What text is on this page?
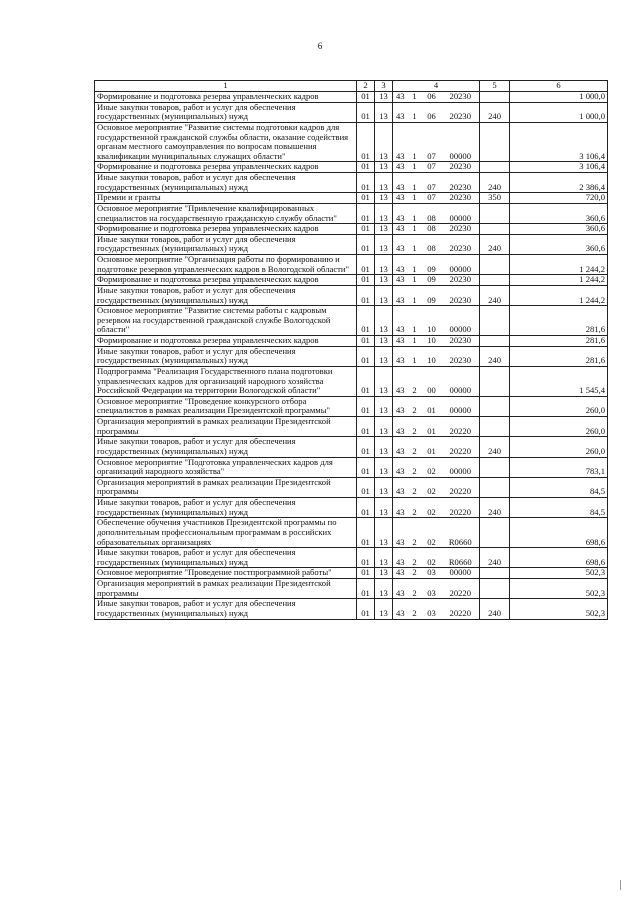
6
1	2	3	4				5	6
Формирование и подготовка резерва управленческих кадров	01	13	43	1	06	20230		1 000,0
Иные закупки товаров, работ и услуг для обеспечения государственных (муниципальных) нужд	01	13	43	1	06	20230	240	1 000,0
Основное мероприятие "Развитие системы подготовки кадров для государственной гражданской службы области, оказание содействия органам местного самоуправления по вопросам повышения квалификации муниципальных служащих области"	01	13	43	1	07	00000		3 106,4
Формирование и подготовка резерва управленческих кадров	01	13	43	1	07	20230		3 106,4
Иные закупки товаров, работ и услуг для обеспечения государственных (муниципальных) нужд	01	13	43	1	07	20230	240	2 386,4
Премии и гранты	01	13	43	1	07	20230	350	720,0
Основное мероприятие "Привлечение квалифицированных специалистов на государственную гражданскую службу области"	01	13	43	1	08	00000		360,6
Формирование и подготовка резерва управленческих кадров	01	13	43	1	08	20230		360,6
Иные закупки товаров, работ и услуг для обеспечения государственных (муниципальных) нужд	01	13	43	1	08	20230	240	360,6
Основное мероприятие "Организация работы по формированию и подготовке резервов управленческих кадров в Вологодской области"	01	13	43	1	09	00000		1 244,2
Формирование и подготовка резерва управленческих кадров	01	13	43	1	09	20230		1 244,2
Иные закупки товаров, работ и услуг для обеспечения государственных (муниципальных) нужд	01	13	43	1	09	20230	240	1 244,2
Основное мероприятие "Развитие системы работы с кадровым резервом на государственной гражданской службе Вологодской области"	01	13	43	1	10	00000		281,6
Формирование и подготовка резерва управленческих кадров	01	13	43	1	10	20230		281,6
Иные закупки товаров, работ и услуг для обеспечения государственных (муниципальных) нужд	01	13	43	1	10	20230	240	281,6
Подпрограмма "Реализация Государственного плана подготовки управленческих кадров для организаций народного хозяйства Российской Федерации на территории Вологодской области"	01	13	43	2	00	00000		1 545,4
Основное мероприятие "Проведение конкурсного отбора специалистов в рамках реализации Президентской программы"	01	13	43	2	01	00000		260,0
Организация мероприятий в рамках реализации Президентской программы	01	13	43	2	01	20220		260,0
Иные закупки товаров, работ и услуг для обеспечения государственных (муниципальных) нужд	01	13	43	2	01	20220	240	260,0
Основное мероприятие "Подготовка управленческих кадров для организаций народного хозяйства"	01	13	43	2	02	00000		783,1
Организация мероприятий в рамках реализации Президентской программы	01	13	43	2	02	20220		84,5
Иные закупки товаров, работ и услуг для обеспечения государственных (муниципальных) нужд	01	13	43	2	02	20220	240	84,5
Обеспечение обучения участников Президентской программы по дополнительным профессиональным программам в российских образовательных организациях	01	13	43	2	02	R0660		698,6
Иные закупки товаров, работ и услуг для обеспечения государственных (муниципальных) нужд	01	13	43	2	02	R0660	240	698,6
Основное мероприятие "Проведение постпрограммной работы"	01	13	43	2	03	00000		502,3
Организация мероприятий в рамках реализации Президентской программы	01	13	43	2	03	20220		502,3
Иные закупки товаров, работ и услуг для обеспечения государственных (муниципальных) нужд	01	13	43	2	03	20220	240	502,3
